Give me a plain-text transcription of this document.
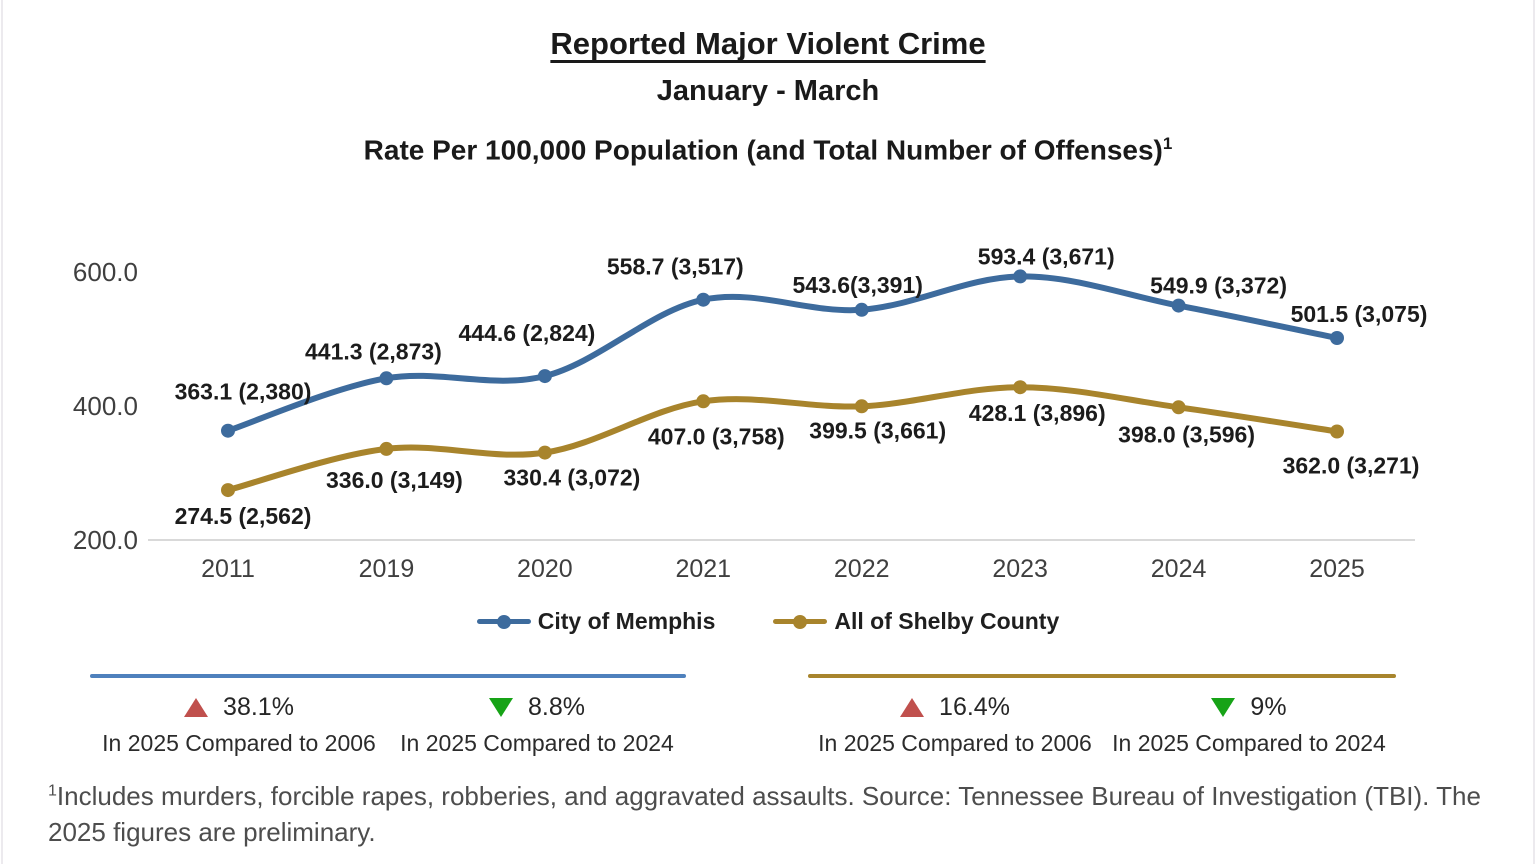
Reported Major Violent Crime
January - March
Rate Per 100,000 Population (and Total Number of Offenses)$^1$
600.0
400.0
200.0
2011	2019	2020	2021	2022	2023	2024	2025
363.1 (2,380)
441.3 (2,873)
444.6 (2,824)
558.7 (3,517)
543.6(3,391)
593.4 (3,671)
549.9 (3,372)
501.5 (3,075)
274.5 (2,562)
336.0 (3,149) 330.4 (3,072)
407.0 (3,758) 399.5 (3,661)
428.1 (3,896)
398.0 (3,596)
362.0 (3,271)
City of Memphis	All of Shelby County
38.1%
In 2025 Compared to 2006
8.8%
In 2025 Compared to 2024
16.4%
In 2025 Compared to 2006
9%
In 2025 Compared to 2024
$^1$Includes murders, forcible rapes, robberies, and aggravated assaults. Source: Tennessee Bureau of Investigation (TBI). The 2025 figures are preliminary.
